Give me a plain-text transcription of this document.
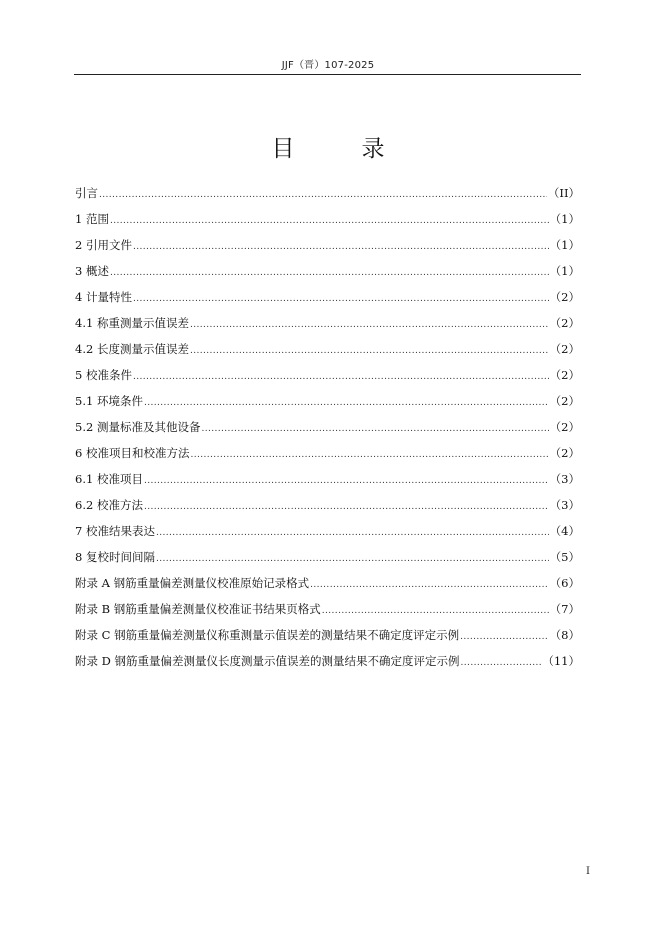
JJF（晋）107-2025
目　录
引言 .....	（II）
1 范围 .....	（1）
2 引用文件 .....	（1）
3 概述 .....	（1）
4 计量特性 .....	（2）
4.1 称重测量示值误差 .....	（2）
4.2 长度测量示值误差 .....	（2）
5 校准条件 .....	（2）
5.1 环境条件 .....	（2）
5.2 测量标准及其他设备 .....	（2）
6 校准项目和校准方法 .....	（2）
6.1 校准项目 .....	（3）
6.2 校准方法 .....	（3）
7 校准结果表达 .....	（4）
8 复校时间间隔 .....	（5）
附录 A 钢筋重量偏差测量仪校准原始记录格式 .....	（6）
附录 B 钢筋重量偏差测量仪校准证书结果页格式 .....	（7）
附录 C 钢筋重量偏差测量仪称重测量示值误差的测量结果不确定度评定示例 .....	（8）
附录 D 钢筋重量偏差测量仪长度测量示值误差的测量结果不确定度评定示例 .....	（11）
I
